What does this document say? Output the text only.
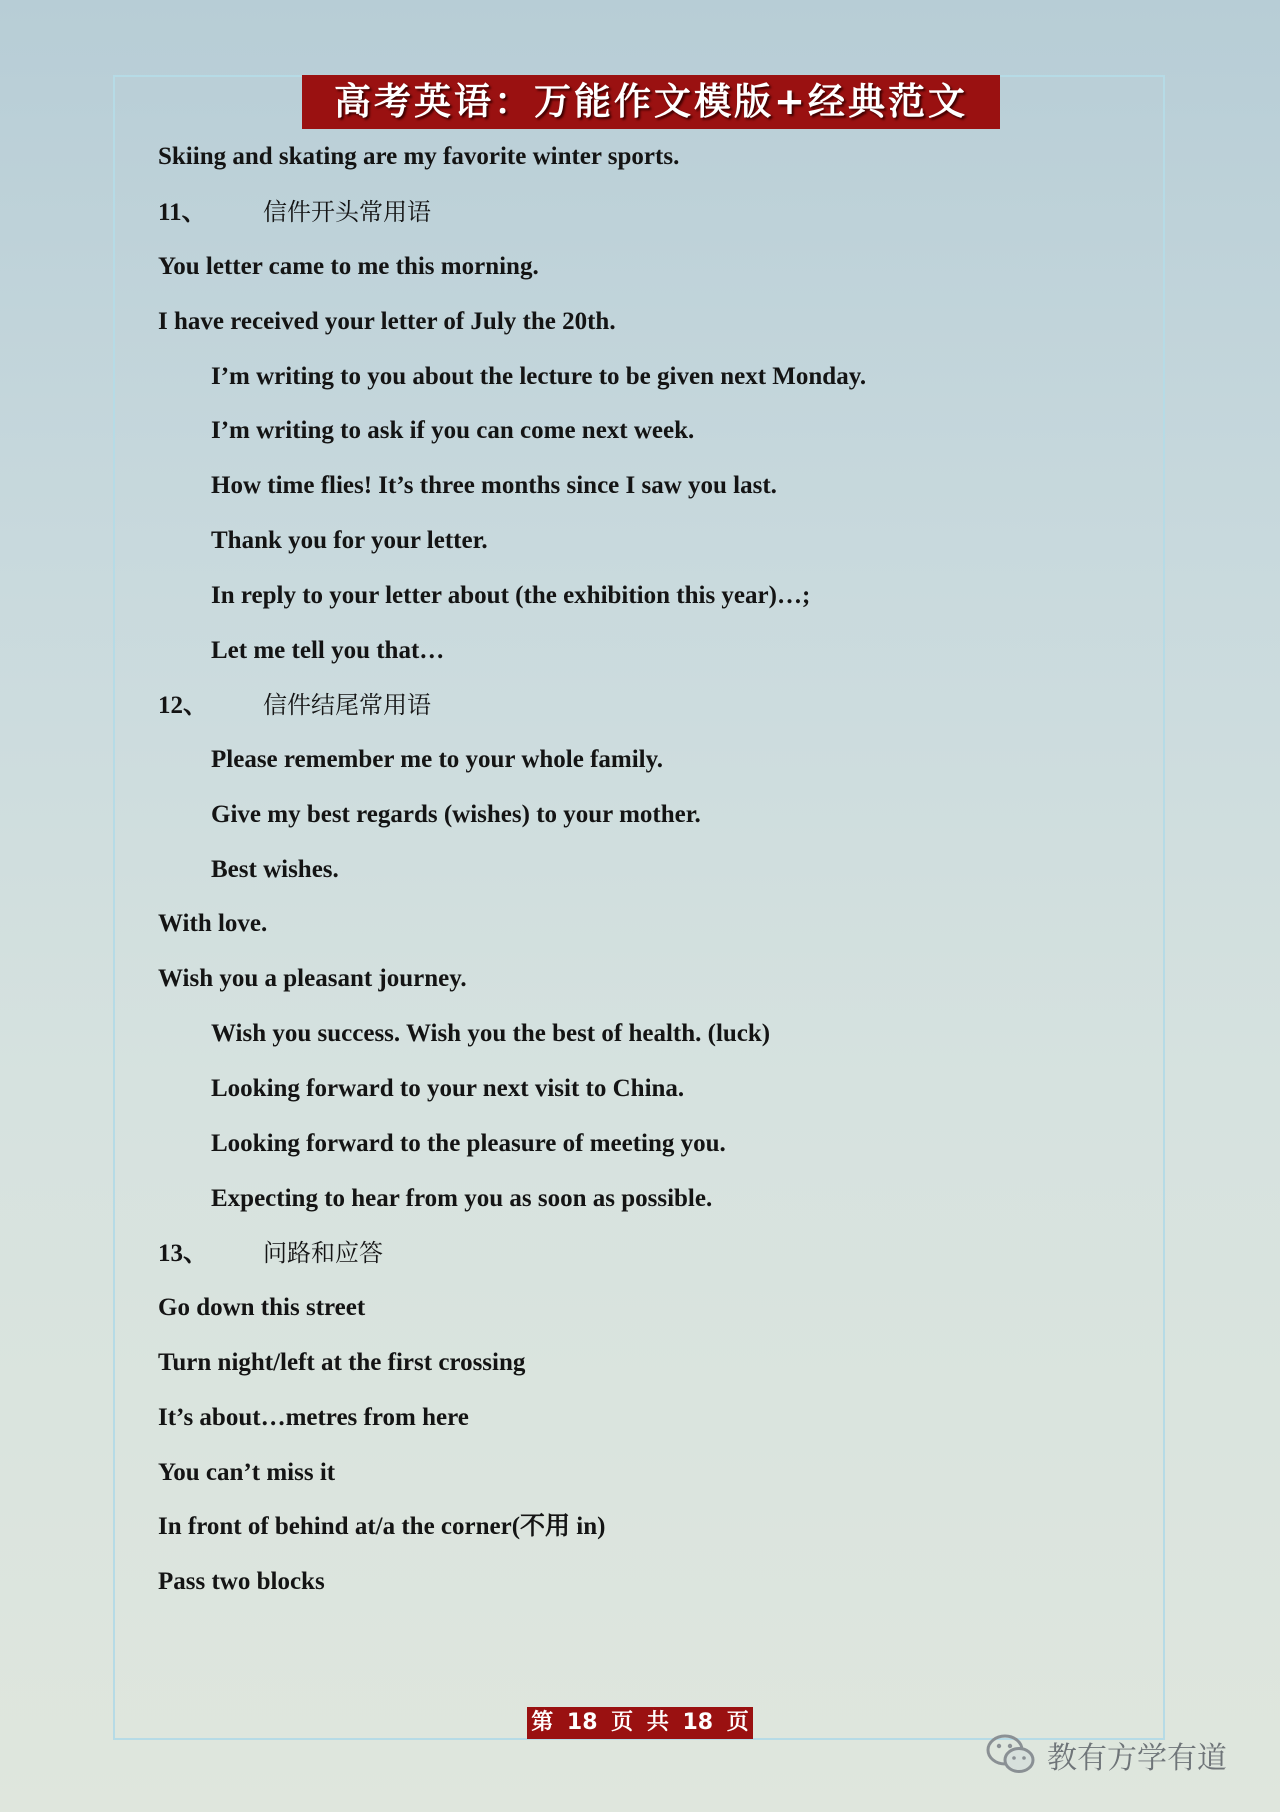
高考英语：万能作文模版+经典范文
Skiing and skating are my favorite winter sports.
11、 信件开头常用语
You letter came to me this morning.
I have received your letter of July the 20th.
I’m writing to you about the lecture to be given next Monday.
I’m writing to ask if you can come next week.
How time flies! It’s three months since I saw you last.
Thank you for your letter.
In reply to your letter about (the exhibition this year)…;
Let me tell you that…
12、 信件结尾常用语
Please remember me to your whole family.
Give my best regards (wishes) to your mother.
Best wishes.
With love.
Wish you a pleasant journey.
Wish you success. Wish you the best of health. (luck)
Looking forward to your next visit to China.
Looking forward to the pleasure of meeting you.
Expecting to hear from you as soon as possible.
13、 问路和应答
Go down this street
Turn night/left at the first crossing
It’s about…metres from here
You can’t miss it
In front of behind at/a the corner(不用 in)
Pass two blocks
第 18 页 共 18 页
教有方学有道
